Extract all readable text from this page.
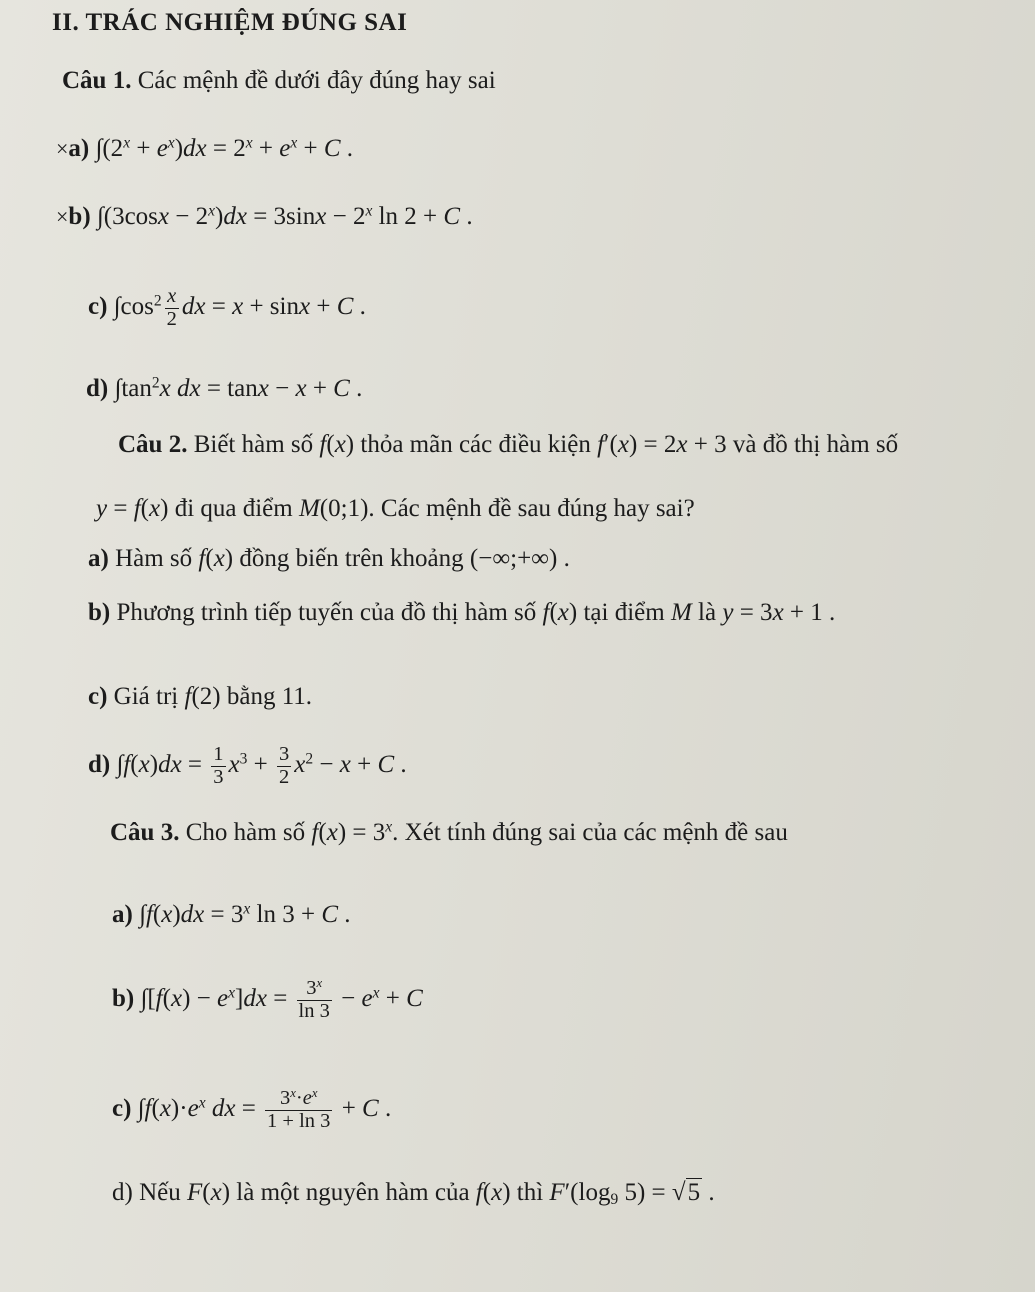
II. TRÁC NGHIỆM ĐÚNG SAI
Câu 1. Các mệnh đề dưới đây đúng hay sai
×a) $\int(2^x + e^x)dx = 2^x + e^x + C$ .
×b) $\int(3\cos x - 2^x)dx = 3\sin x - 2^x$ ln 2 + C .
c) $\int\cos^2 \frac{x}{2}$ dx = x + sinx + C .
d) $\int\tan^2x$ dx = tanx − x + C .
Câu 2. Biết hàm số f(x) thỏa mãn các điều kiện f′(x) = 2x + 3 và đồ thị hàm số
y = f(x) đi qua điểm M(0;1). Các mệnh đề sau đúng hay sai?
a) Hàm số f(x) đồng biến trên khoảng (−∞;+∞) .
b) Phương trình tiếp tuyến của đồ thị hàm số f(x) tại điểm M là y = 3x + 1 .
c) Giá trị f(2) bằng 11.
d) $\int f(x)dx = \frac{1}{3} x^3 + \frac{3}{2} x^2 - x + C$ .
Câu 3. Cho hàm số $f(x) = 3^x$. Xét tính đúng sai của các mệnh đề sau
a) $\int f(x)dx = 3^x$ ln 3 + C .
b) $\int[f(x) - e^x]dx = \frac{3^x}{\ln 3} - e^x + C$
c) $\int f(x)\cdot e^x$ dx = $\frac{3^x\cdot e^x}{1 + \ln 3} + C$ .
d) Nếu F(x) là một nguyên hàm của f(x) thì $F'(\log_9$ 5) = √5 .
